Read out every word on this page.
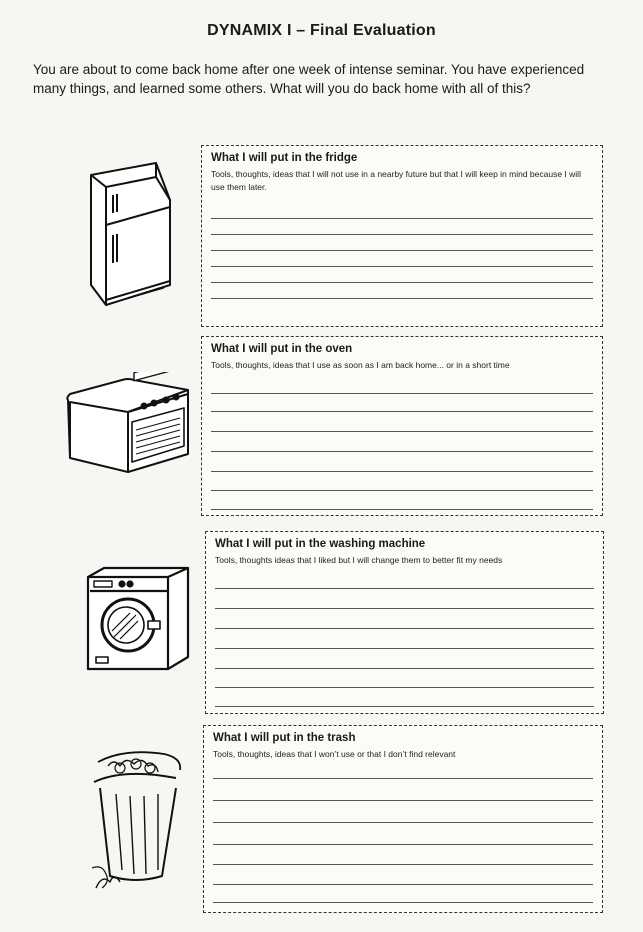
DYNAMIX I – Final Evaluation
You are about to come back home after one week of intense seminar. You have experienced many things, and learned some others. What will you do back home with all of this?
What I will put in the fridge
Tools, thoughts, ideas that I will not use in a nearby future but that I will keep in mind because I will use them later.
What I will put in the oven
Tools, thoughts, ideas that I use as soon as I am back home... or in a short time
What I will put in the washing machine
Tools, thoughts ideas that I liked but I will change them to better fit my needs
What I will put in the trash
Tools, thoughts, ideas that I won’t use or that I don’t find relevant
